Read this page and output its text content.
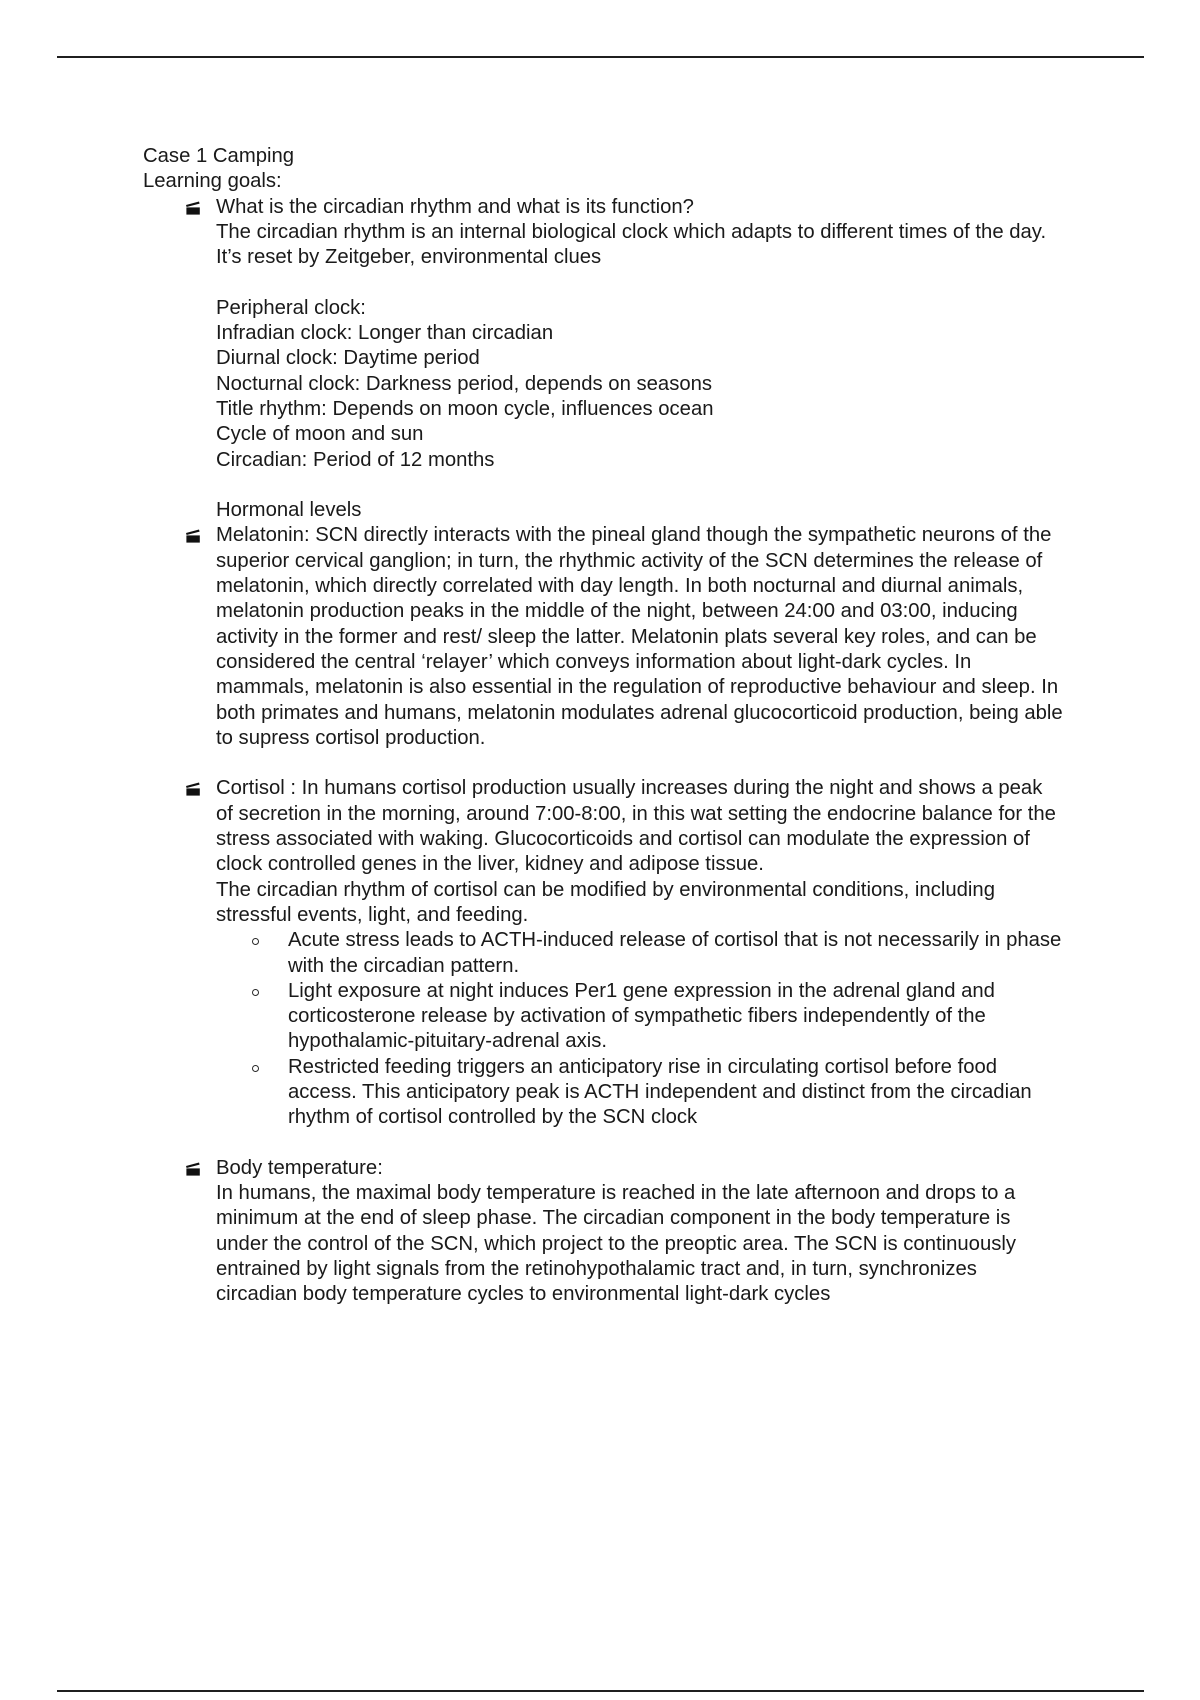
Case 1 Camping
Learning goals:
What is the circadian rhythm and what is its function?
The circadian rhythm is an internal biological clock which adapts to different times of the day. It’s reset by Zeitgeber, environmental clues
Peripheral clock:
Infradian clock: Longer than circadian
Diurnal clock: Daytime period
Nocturnal clock: Darkness period, depends on seasons
Title rhythm: Depends on moon cycle, influences ocean
Cycle of moon and sun
Circadian: Period of 12 months
Hormonal levels
Melatonin: SCN directly interacts with the pineal gland though the sympathetic neurons of the superior cervical ganglion; in turn, the rhythmic activity of the SCN determines the release of melatonin, which directly correlated with day length. In both nocturnal and diurnal animals, melatonin production peaks in the middle of the night, between 24:00 and 03:00, inducing activity in the former and rest/ sleep the latter. Melatonin plats several key roles, and can be considered the central ‘relayer’ which conveys information about light-dark cycles. In mammals, melatonin is also essential in the regulation of reproductive behaviour and sleep. In both primates and humans, melatonin modulates adrenal glucocorticoid production, being able to supress cortisol production.
Cortisol : In humans cortisol production usually increases during the night and shows a peak of secretion in the morning, around 7:00-8:00, in this wat setting the endocrine balance for the stress associated with waking. Glucocorticoids and cortisol can modulate the expression of clock controlled genes in the liver, kidney and adipose tissue.
The circadian rhythm of cortisol can be modified by environmental conditions, including stressful events, light, and feeding.
Acute stress leads to ACTH-induced release of cortisol that is not necessarily in phase with the circadian pattern.
Light exposure at night induces Per1 gene expression in the adrenal gland and corticosterone release by activation of sympathetic fibers independently of the hypothalamic-pituitary-adrenal axis.
Restricted feeding triggers an anticipatory rise in circulating cortisol before food access. This anticipatory peak is ACTH independent and distinct from the circadian rhythm of cortisol controlled by the SCN clock
Body temperature:
In humans, the maximal body temperature is reached in the late afternoon and drops to a minimum at the end of sleep phase. The circadian component in the body temperature is under the control of the SCN, which project to the preoptic area. The SCN is continuously
entrained by light signals from the retinohypothalamic tract and, in turn, synchronizes circadian body temperature cycles to environmental light-dark cycles
